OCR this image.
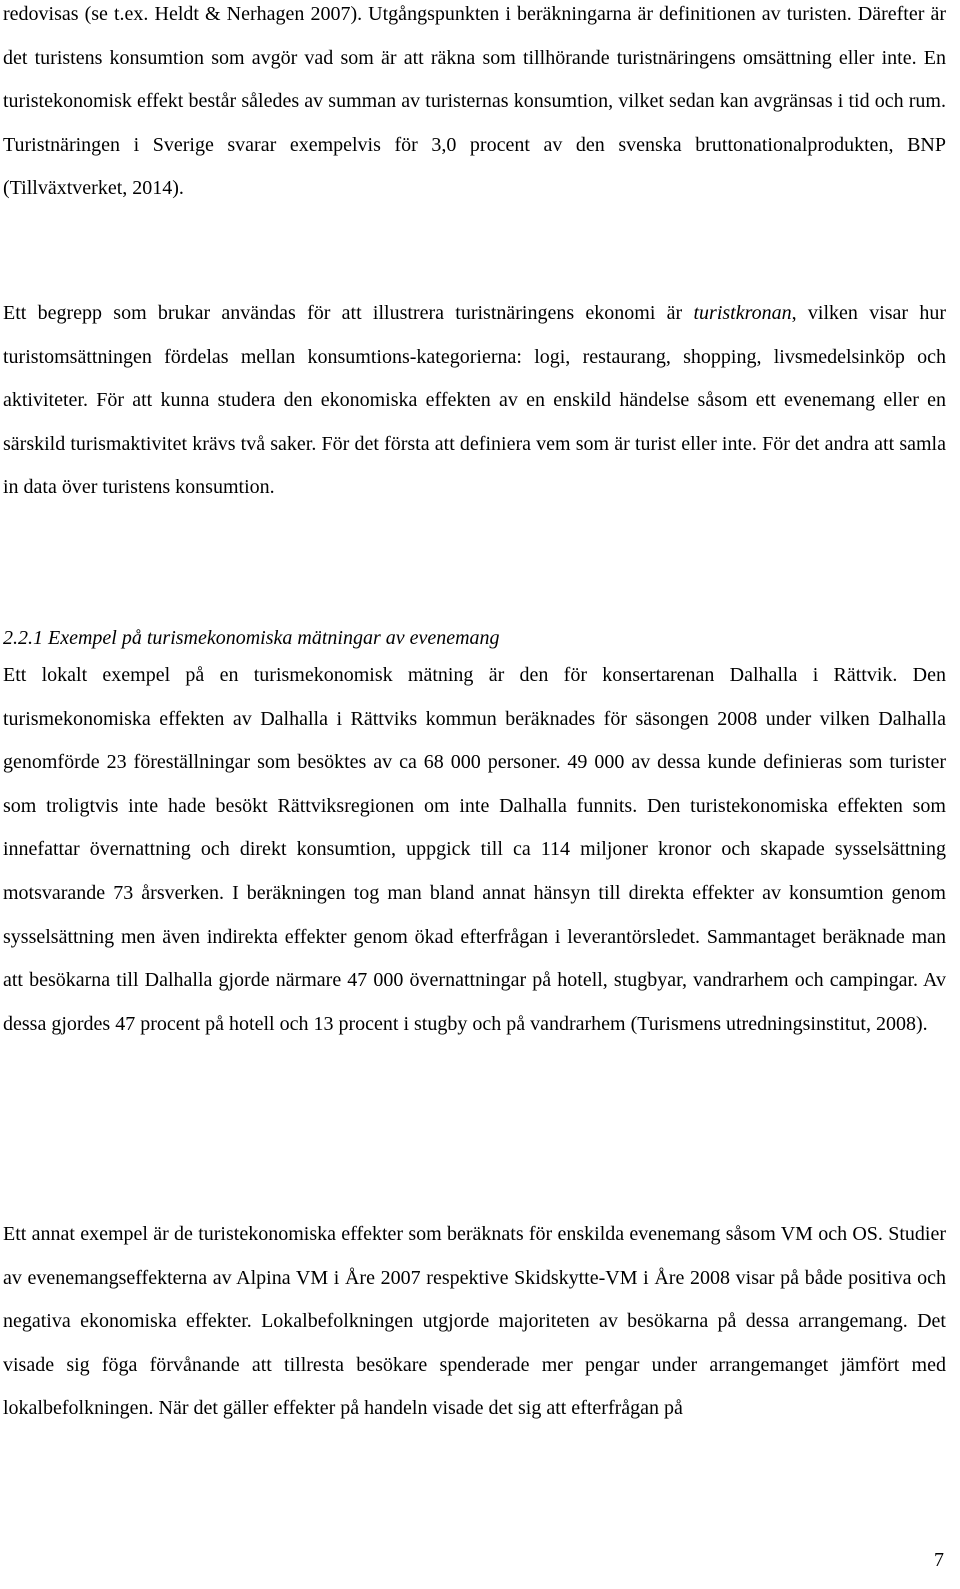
redovisas (se t.ex. Heldt & Nerhagen 2007). Utgångspunkten i beräkningarna är definitionen av turisten. Därefter är det turistens konsumtion som avgör vad som är att räkna som tillhörande turistnäringens omsättning eller inte. En turistekonomisk effekt består således av summan av turisternas konsumtion, vilket sedan kan avgränsas i tid och rum. Turistnäringen i Sverige svarar exempelvis för 3,0 procent av den svenska bruttonationalprodukten, BNP (Tillväxtverket, 2014).

Ett begrepp som brukar användas för att illustrera turistnäringens ekonomi är turistkronan, vilken visar hur turistomsättningen fördelas mellan konsumtions-kategorierna: logi, restaurang, shopping, livsmedelsinköp och aktiviteter. För att kunna studera den ekonomiska effekten av en enskild händelse såsom ett evenemang eller en särskild turismaktivitet krävs två saker. För det första att definiera vem som är turist eller inte. För det andra att samla in data över turistens konsumtion.

2.2.1 Exempel på turismekonomiska mätningar av evenemang

Ett lokalt exempel på en turismekonomisk mätning är den för konsertarenan Dalhalla i Rättvik. Den turismekonomiska effekten av Dalhalla i Rättviks kommun beräknades för säsongen 2008 under vilken Dalhalla genomförde 23 föreställningar som besöktes av ca 68 000 personer. 49 000 av dessa kunde definieras som turister som troligtvis inte hade besökt Rättviksregionen om inte Dalhalla funnits. Den turistekonomiska effekten som innefattar övernattning och direkt konsumtion, uppgick till ca 114 miljoner kronor och skapade sysselsättning motsvarande 73 årsverken. I beräkningen tog man bland annat hänsyn till direkta effekter av konsumtion genom sysselsättning men även indirekta effekter genom ökad efterfrågan i leverantörsledet. Sammantaget beräknade man att besökarna till Dalhalla gjorde närmare 47 000 övernattningar på hotell, stugbyar, vandrarhem och campingar. Av dessa gjordes 47 procent på hotell och 13 procent i stugby och på vandrarhem (Turismens utredningsinstitut, 2008).

Ett annat exempel är de turistekonomiska effekter som beräknats för enskilda evenemang såsom VM och OS. Studier av evenemangseffekterna av Alpina VM i Åre 2007 respektive Skidskytte-VM i Åre 2008 visar på både positiva och negativa ekonomiska effekter. Lokalbefolkningen utgjorde majoriteten av besökarna på dessa arrangemang. Det visade sig föga förvånande att tillresta besökare spenderade mer pengar under arrangemanget jämfört med lokalbefolkningen. När det gäller effekter på handeln visade det sig att efterfrågan på

7
